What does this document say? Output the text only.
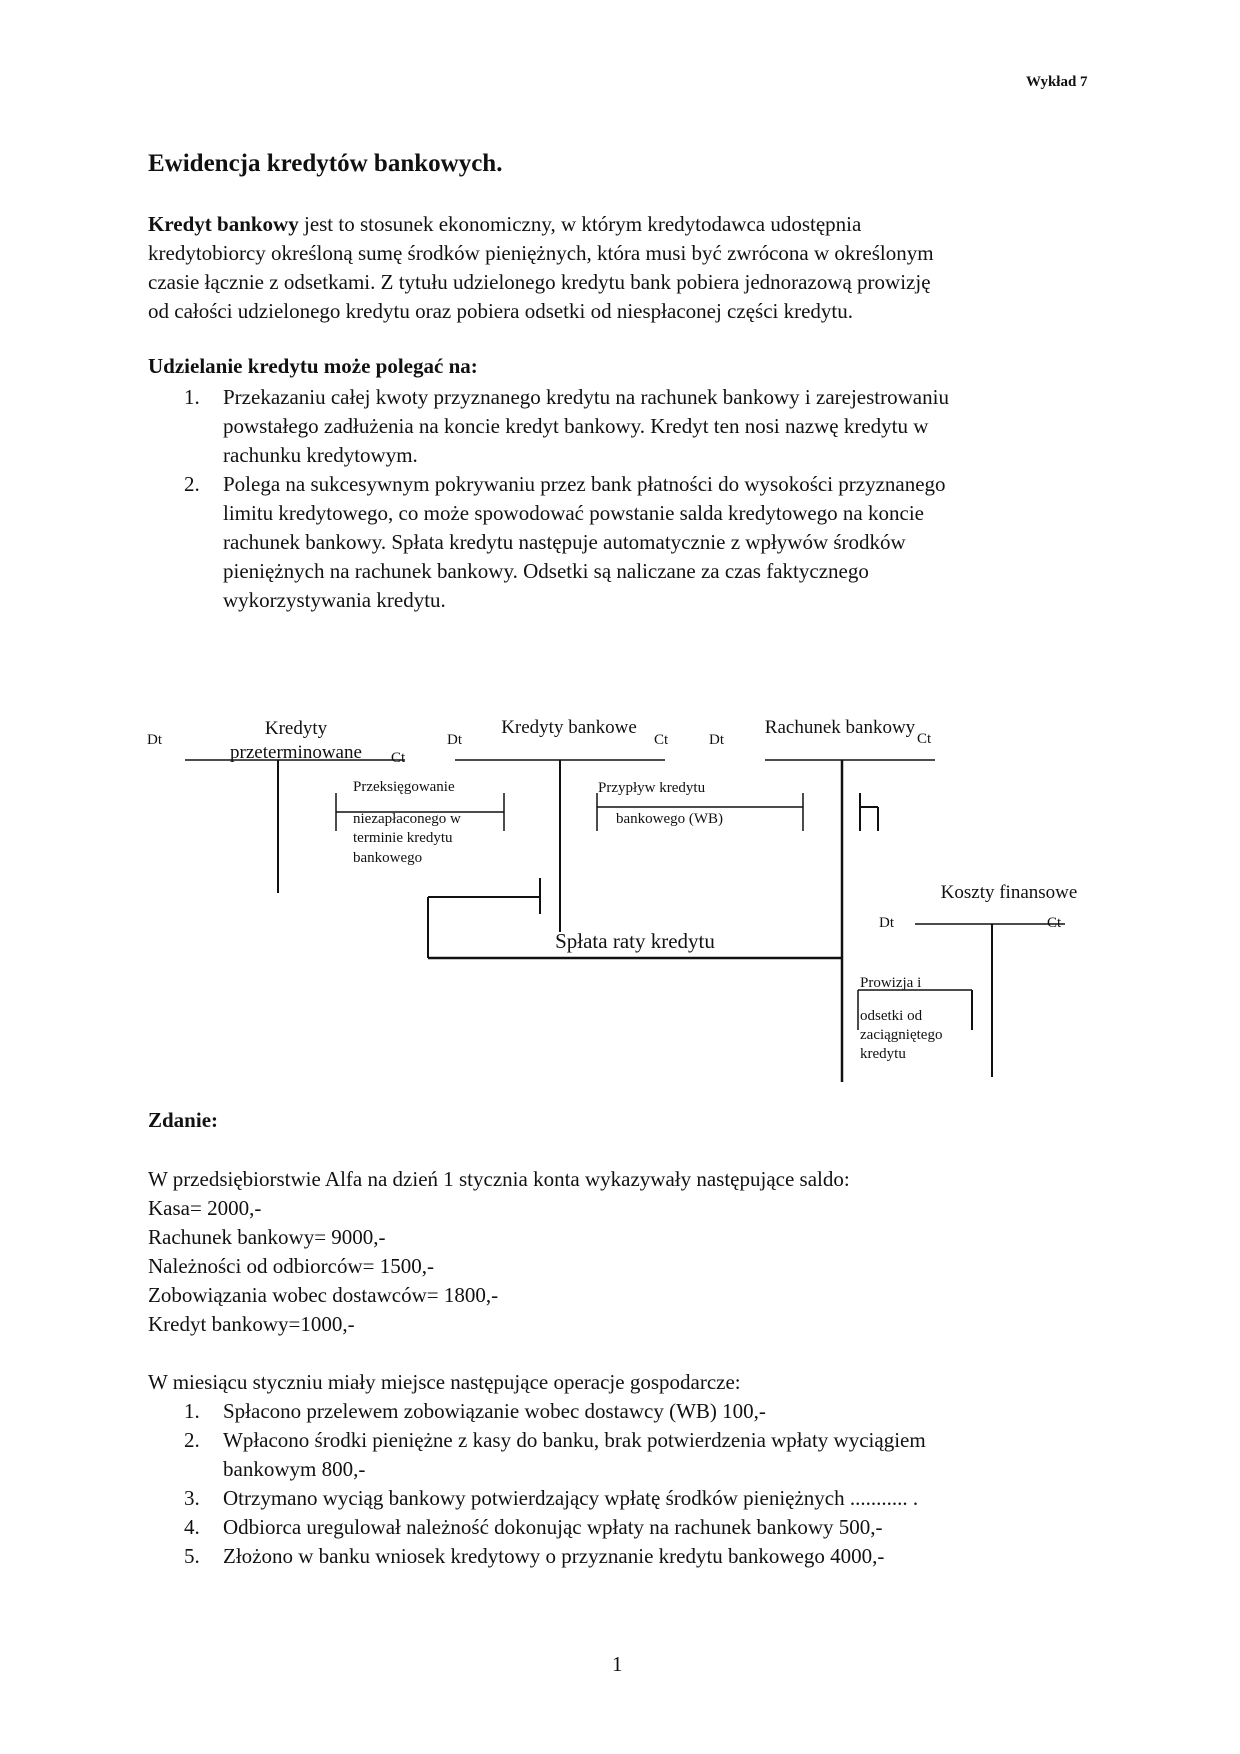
Wykład 7
Ewidencja kredytów bankowych.
Kredyt bankowy jest to stosunek ekonomiczny, w którym kredytodawca udostępnia
kredytobiorcy określoną sumę środków pieniężnych, która musi być zwrócona w określonym
czasie łącznie z odsetkami. Z tytułu udzielonego kredytu bank pobiera jednorazową prowizję
od całości udzielonego kredytu oraz pobiera odsetki od niespłaconej części kredytu.
Udzielanie kredytu może polegać na:
1. Przekazaniu całej kwoty przyznanego kredytu na rachunek bankowy i zarejestrowaniu
powstałego zadłużenia na koncie kredyt bankowy. Kredyt ten nosi nazwę kredytu w
rachunku kredytowym.
2. Polega na sukcesywnym pokrywaniu przez bank płatności do wysokości przyznanego
limitu kredytowego, co może spowodować powstanie salda kredytowego na koncie
rachunek bankowy. Spłata kredytu następuje automatycznie z wpływów środków
pieniężnych na rachunek bankowy. Odsetki są naliczane za czas faktycznego
wykorzystywania kredytu.
Kredyty
przeterminowane
Kredyty bankowe	Rachunek bankowy
Koszty finansowe
Dt
Ct
Dt	Ct	Dt	Ct
Dt	Ct
Przeksięgowanie
niezapłaconego w
terminie kredytu
bankowego
Przypływ kredytu
bankowego (WB)
Spłata raty kredytu
Prowizja i
odsetki od
zaciągniętego
kredytu
Zdanie:
W przedsiębiorstwie Alfa na dzień 1 stycznia konta wykazywały następujące saldo:
Kasa= 2000,-
Rachunek bankowy= 9000,-
Należności od odbiorców= 1500,-
Zobowiązania wobec dostawców= 1800,-
Kredyt bankowy=1000,-
W miesiącu styczniu miały miejsce następujące operacje gospodarcze:
1. Spłacono przelewem zobowiązanie wobec dostawcy (WB) 100,-
2. Wpłacono środki pieniężne z kasy do banku, brak potwierdzenia wpłaty wyciągiem
bankowym 800,-
3. Otrzymano wyciąg bankowy potwierdzający wpłatę środków pieniężnych ........... .
4. Odbiorca uregulował należność dokonując wpłaty na rachunek bankowy 500,-
5. Złożono w banku wniosek kredytowy o przyznanie kredytu bankowego 4000,-
1
